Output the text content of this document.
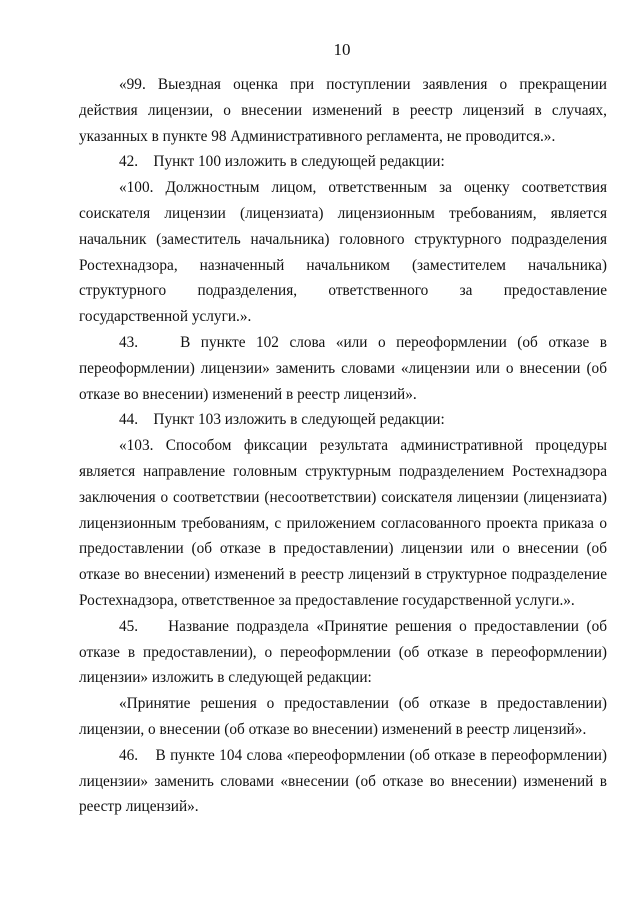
10

«99. Выездная оценка при поступлении заявления о прекращении действия лицензии, о внесении изменений в реестр лицензий в случаях, указанных в пункте 98 Административного регламента, не проводится.».

42.    Пункт 100 изложить в следующей редакции:

«100. Должностным лицом, ответственным за оценку соответствия соискателя лицензии (лицензиата) лицензионным требованиям, является начальник (заместитель начальника) головного структурного подразделения Ростехнадзора, назначенный начальником (заместителем начальника) структурного подразделения, ответственного за предоставление государственной услуги.».

43.    В пункте 102 слова «или о переоформлении (об отказе в переоформлении) лицензии» заменить словами «лицензии или о внесении (об отказе во внесении) изменений в реестр лицензий».

44.    Пункт 103 изложить в следующей редакции:

«103. Способом фиксации результата административной процедуры является направление головным структурным подразделением Ростехнадзора заключения о соответствии (несоответствии) соискателя лицензии (лицензиата) лицензионным требованиям, с приложением согласованного проекта приказа о предоставлении (об отказе в предоставлении) лицензии или о внесении (об отказе во внесении) изменений в реестр лицензий в структурное подразделение Ростехнадзора, ответственное за предоставление государственной услуги.».

45.    Название подраздела «Принятие решения о предоставлении (об отказе в предоставлении), о переоформлении (об отказе в переоформлении) лицензии» изложить в следующей редакции:

«Принятие решения о предоставлении (об отказе в предоставлении) лицензии, о внесении (об отказе во внесении) изменений в реестр лицензий».

46.    В пункте 104 слова «переоформлении (об отказе в переоформлении) лицензии» заменить словами «внесении (об отказе во внесении) изменений в реестр лицензий».
